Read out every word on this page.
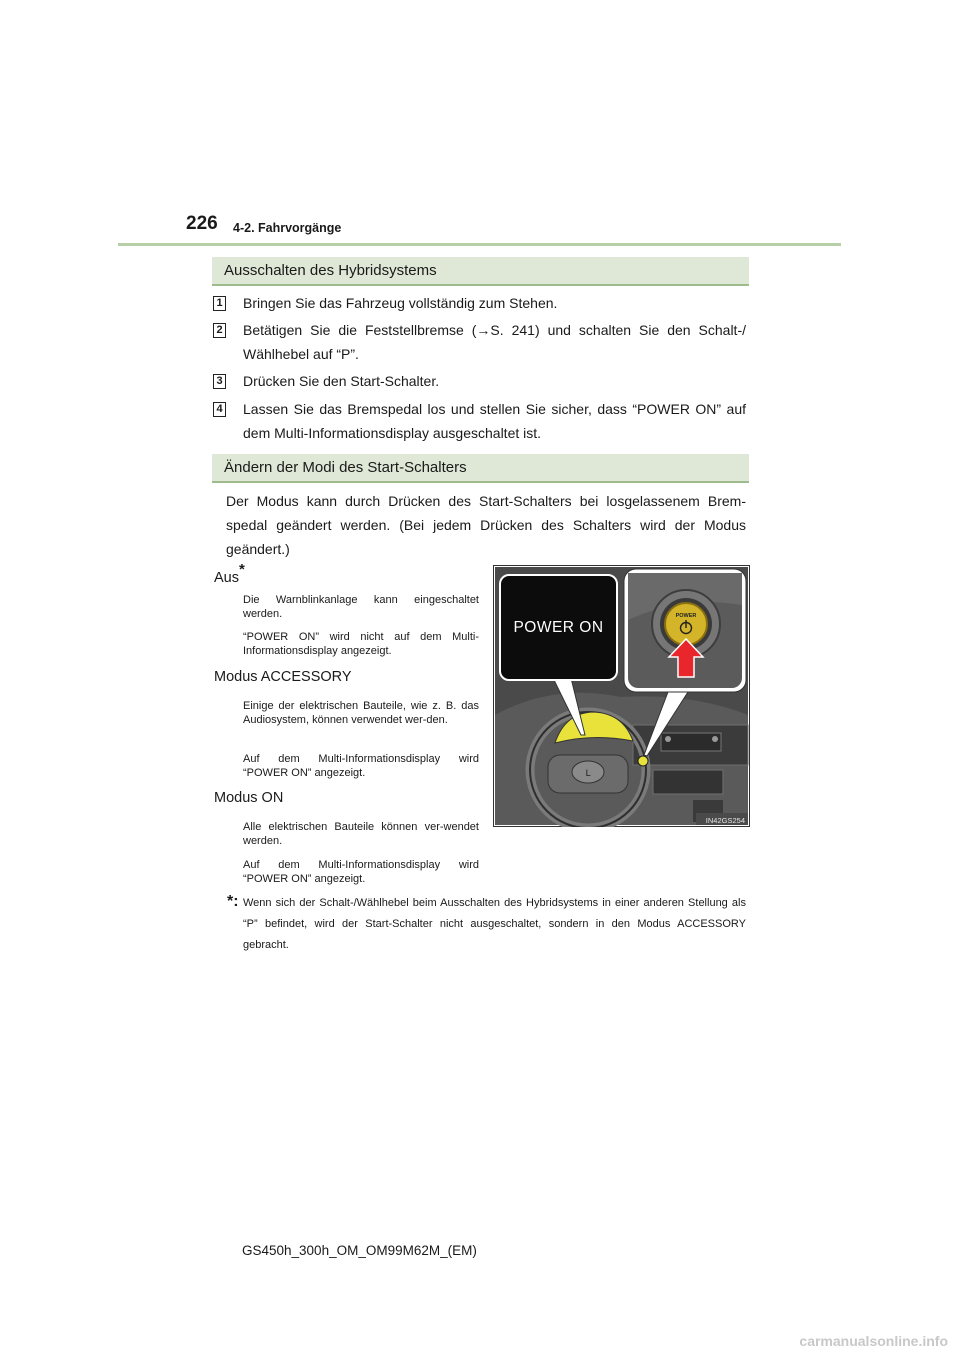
226 4-2. Fahrvorgänge
Ausschalten des Hybridsystems
1 Bringen Sie das Fahrzeug vollständig zum Stehen.
2 Betätigen Sie die Feststellbremse (→S. 241) und schalten Sie den Schalt-/ Wählhebel auf “P”.
3 Drücken Sie den Start-Schalter.
4 Lassen Sie das Bremspedal los und stellen Sie sicher, dass “POWER ON” auf dem Multi-Informationsdisplay ausgeschaltet ist.
Ändern der Modi des Start-Schalters
Der Modus kann durch Drücken des Start-Schalters bei losgelassenem Brem-spedal geändert werden. (Bei jedem Drücken des Schalters wird der Modus geändert.)
Aus*
Die Warnblinkanlage kann eingeschaltet werden.
“POWER ON” wird nicht auf dem Multi-Informationsdisplay angezeigt.
Modus ACCESSORY
Einige der elektrischen Bauteile, wie z. B. das Audiosystem, können verwendet wer-den.
Auf dem Multi-Informationsdisplay wird “POWER ON” angezeigt.
Modus ON
Alle elektrischen Bauteile können ver-wendet werden.
Auf dem Multi-Informationsdisplay wird “POWER ON” angezeigt.
L
POWER ON
POWER
IN42GS254
*: Wenn sich der Schalt-/Wählhebel beim Ausschalten des Hybridsystems in einer anderen Stellung als “P” befindet, wird der Start-Schalter nicht ausgeschaltet, sondern in den Modus ACCESSORY gebracht.
GS450h_300h_OM_OM99M62M_(EM)
carmanualsonline.info
